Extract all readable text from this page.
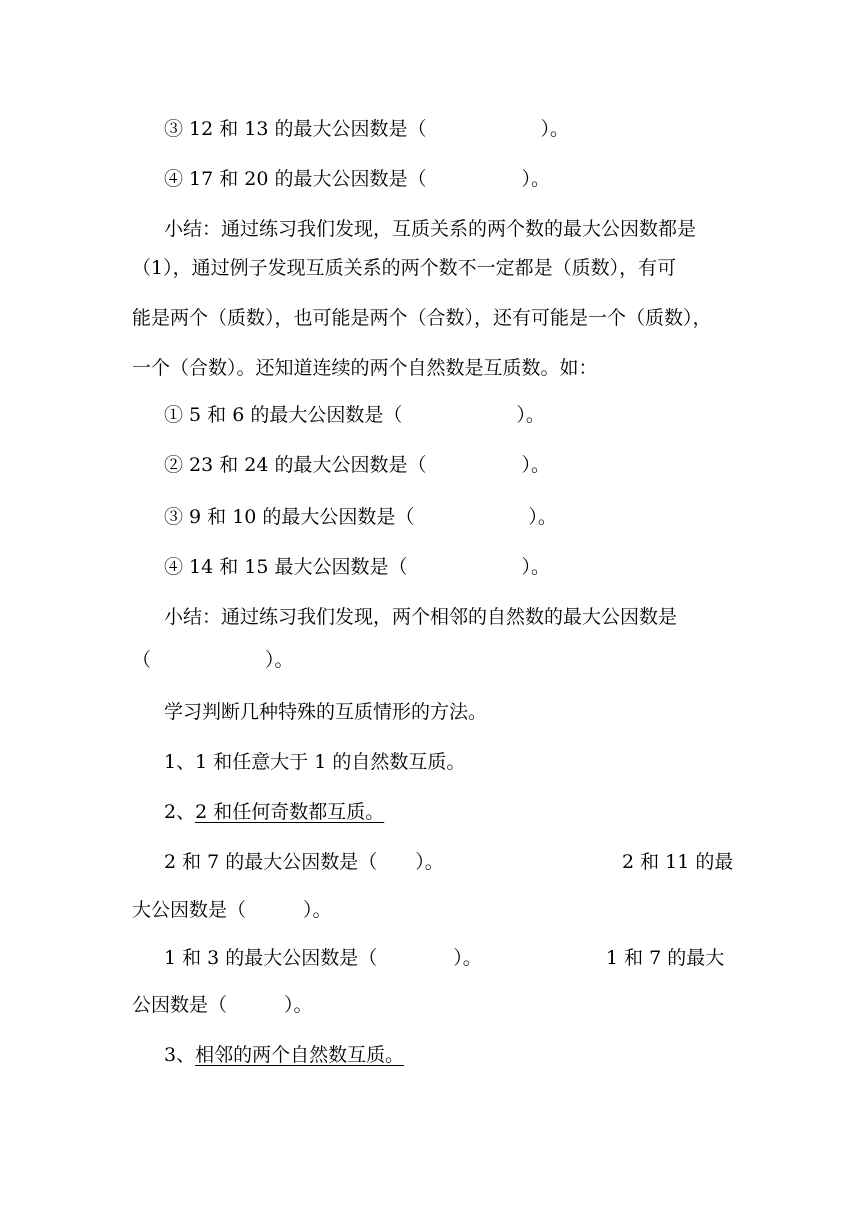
③ 12 和 13 的最大公因数是（　　　　　　）。
④ 17 和 20 的最大公因数是（　　　　　）。
小结：通过练习我们发现，互质关系的两个数的最大公因数都是
（1），通过例子发现互质关系的两个数不一定都是（质数），有可
能是两个（质数），也可能是两个（合数），还有可能是一个（质数），
一个（合数）。还知道连续的两个自然数是互质数。如：
① 5 和 6 的最大公因数是（　　　　　　）。
② 23 和 24 的最大公因数是（　　　　　）。
③ 9 和 10 的最大公因数是（　　　　　　）。
④ 14 和 15 最大公因数是（　　　　　　）。
小结：通过练习我们发现，两个相邻的自然数的最大公因数是
（　　　　　　）。
学习判断几种特殊的互质情形的方法。
1、1 和任意大于 1 的自然数互质。
2、2 和任何奇数都互质。
2 和 7 的最大公因数是（　　）。	2 和 11 的最
大公因数是（　　　）。
1 和 3 的最大公因数是（　　　　）。	1 和 7 的最大
公因数是（　　　）。
3、相邻的两个自然数互质。
